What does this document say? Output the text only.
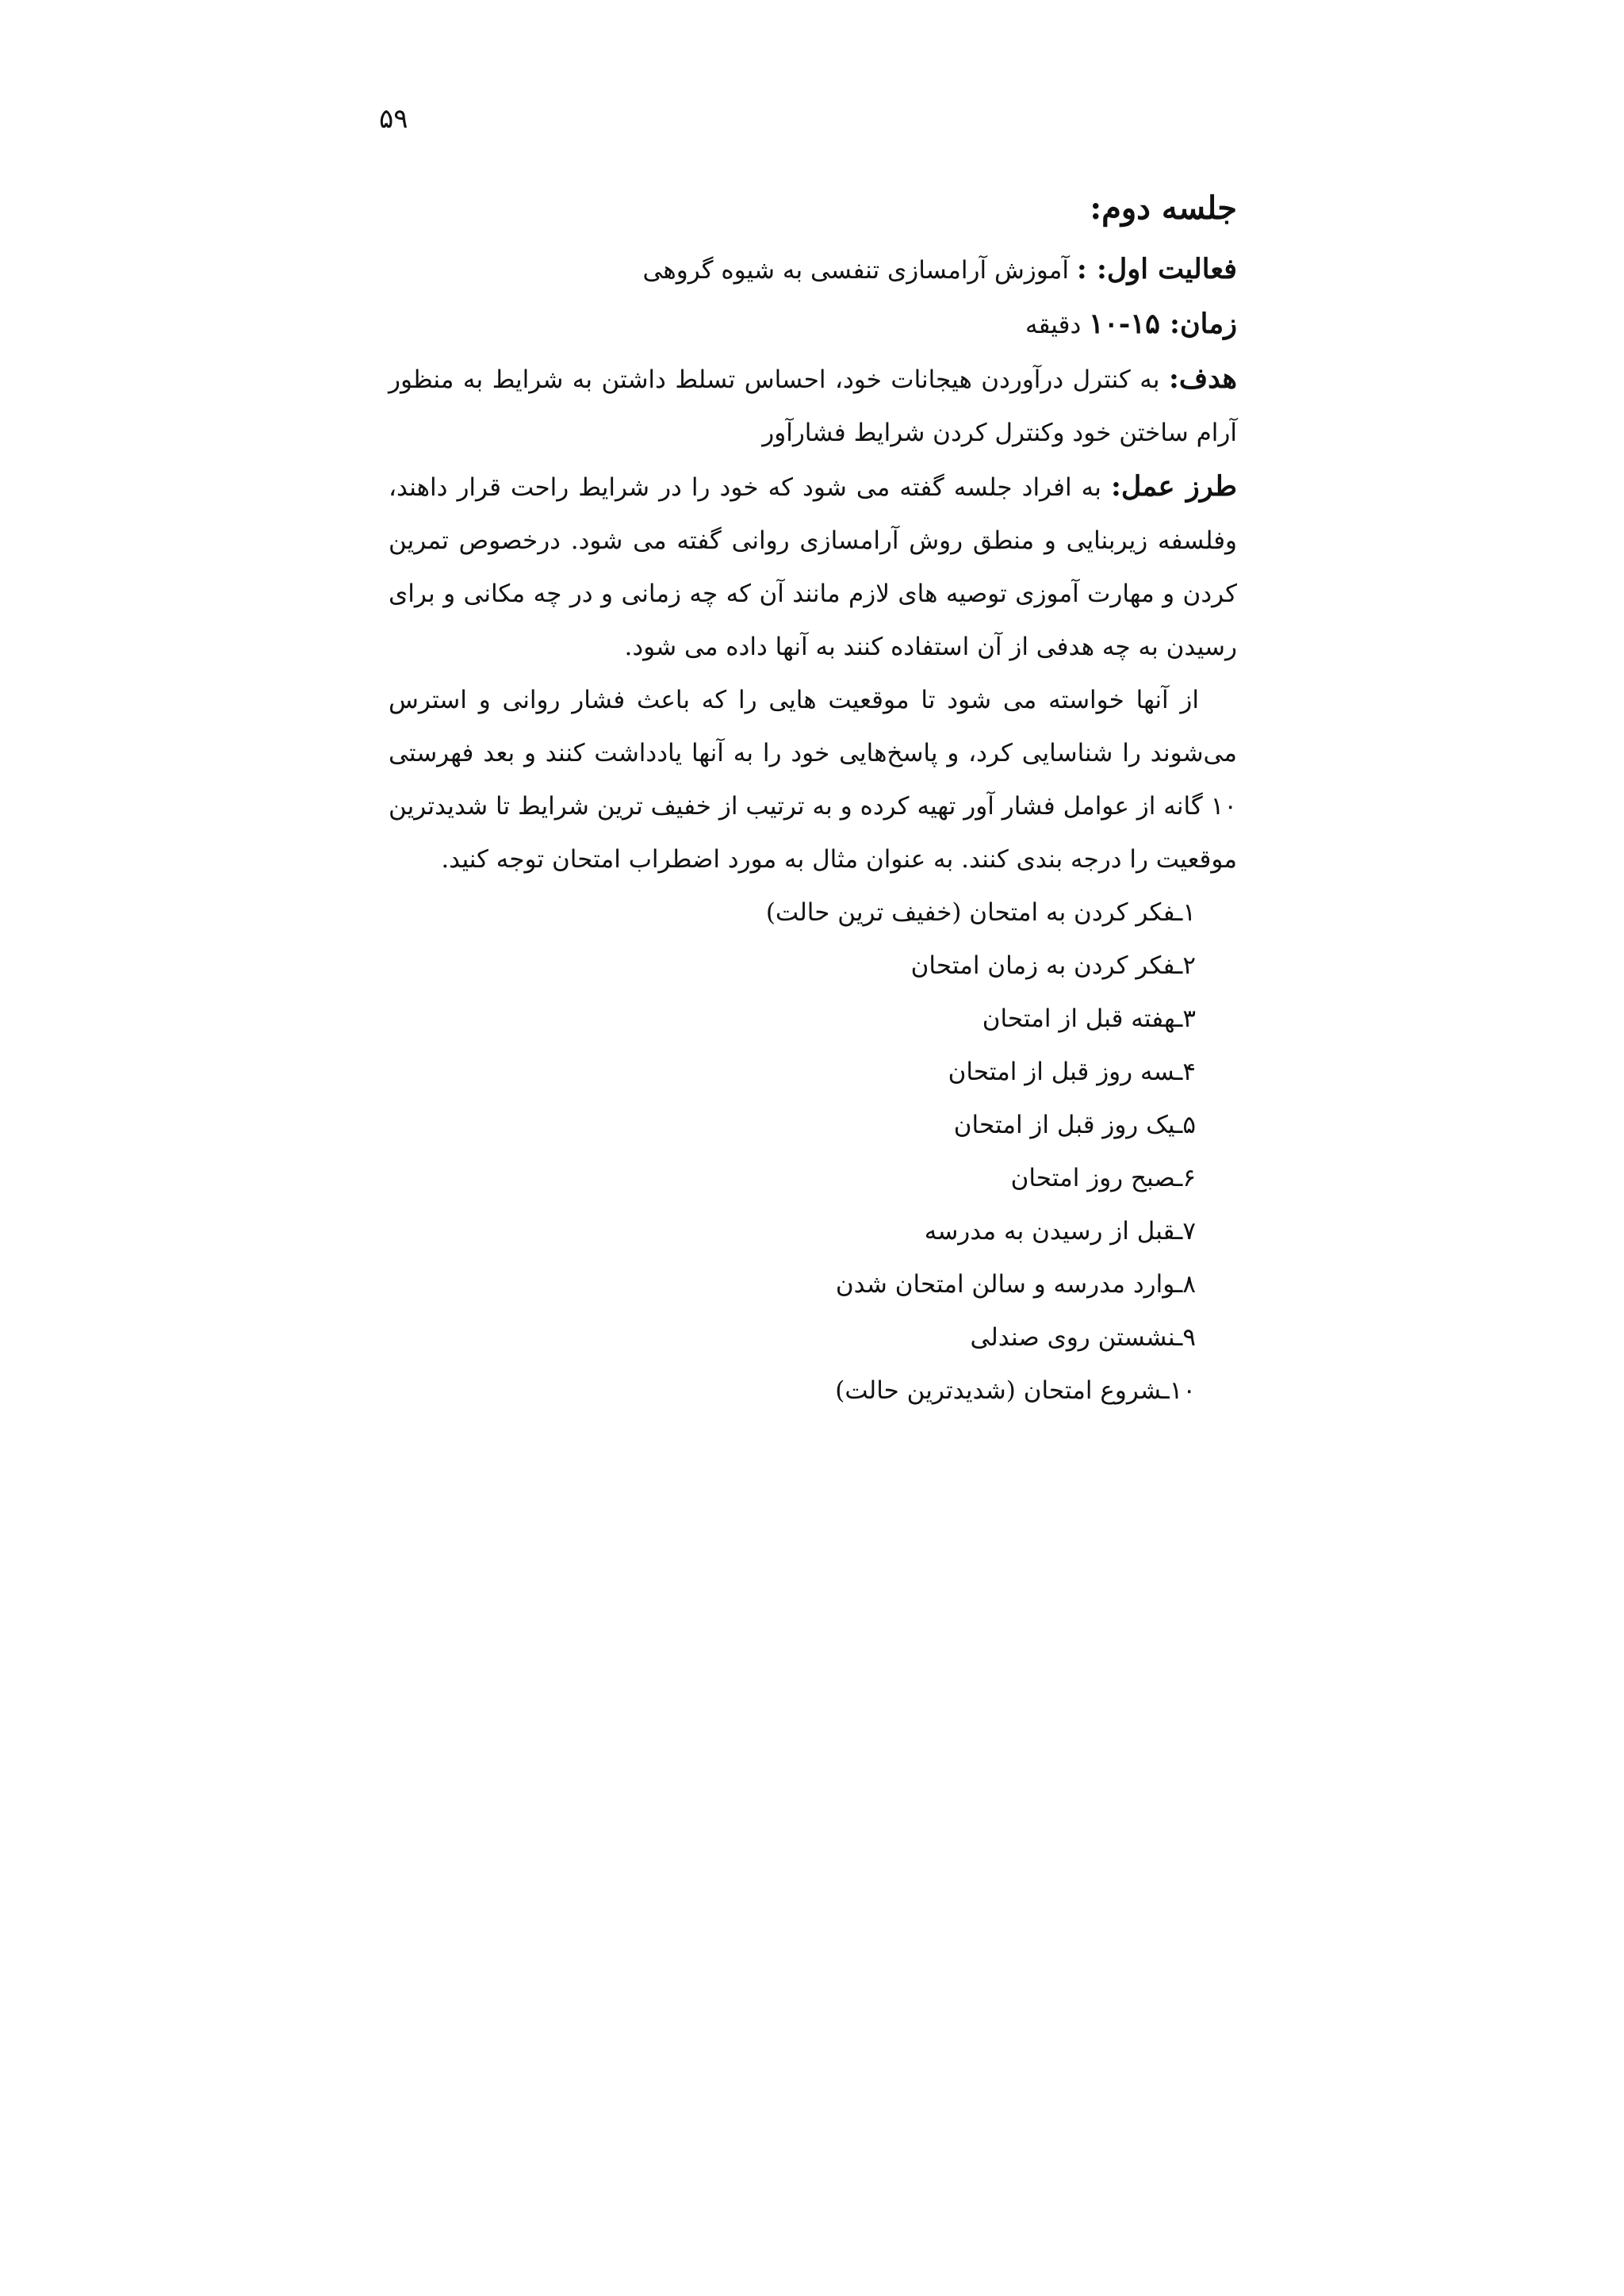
۵۹
جلسه دوم:

فعالیت اول: : آموزش آرامسازی تنفسی به شیوه گروهی

زمان: ۱۵-۱۰ دقیقه

هدف: به کنترل درآوردن هیجانات خود، احساس تسلط داشتن به شرایط به منظور آرام ساختن خود وکنترل کردن شرایط فشارآور

طرز عمل: به افراد جلسه گفته می شود که خود را در شرایط راحت قرار داهند، وفلسفه زیربنایی و منطق روش آرامسازی روانی گفته می شود. درخصوص تمرین کردن و مهارت آموزی توصیه های لازم مانند آن که چه زمانی و در چه مکانی و برای رسیدن به چه هدفی از آن استفاده کنند به آنها داده می شود.

از آنها خواسته می شود تا موقعیت هایی را که باعث فشار روانی و استرس می‌شوند را شناسایی کرد، و پاسخ‌هایی خود را به آنها یادداشت کنند و بعد فهرستی ۱۰ گانه از عوامل فشار آور تهیه کرده و به ترتیب از خفیف ترین شرایط تا شدیدترین موقعیت را درجه بندی کنند. به عنوان مثال به مورد اضطراب امتحان توجه کنید.

۱ـفکر کردن به امتحان (خفیف ترین حالت)
۲ـفکر کردن به زمان امتحان
۳ـهفته قبل از امتحان
۴ـسه روز قبل از امتحان
۵ـیک روز قبل از امتحان
۶ـصبح روز امتحان
۷ـقبل از رسیدن به مدرسه
۸ـوارد مدرسه و سالن امتحان شدن
۹ـنشستن روی صندلی
۱۰ـشروع امتحان (شدیدترین حالت)
